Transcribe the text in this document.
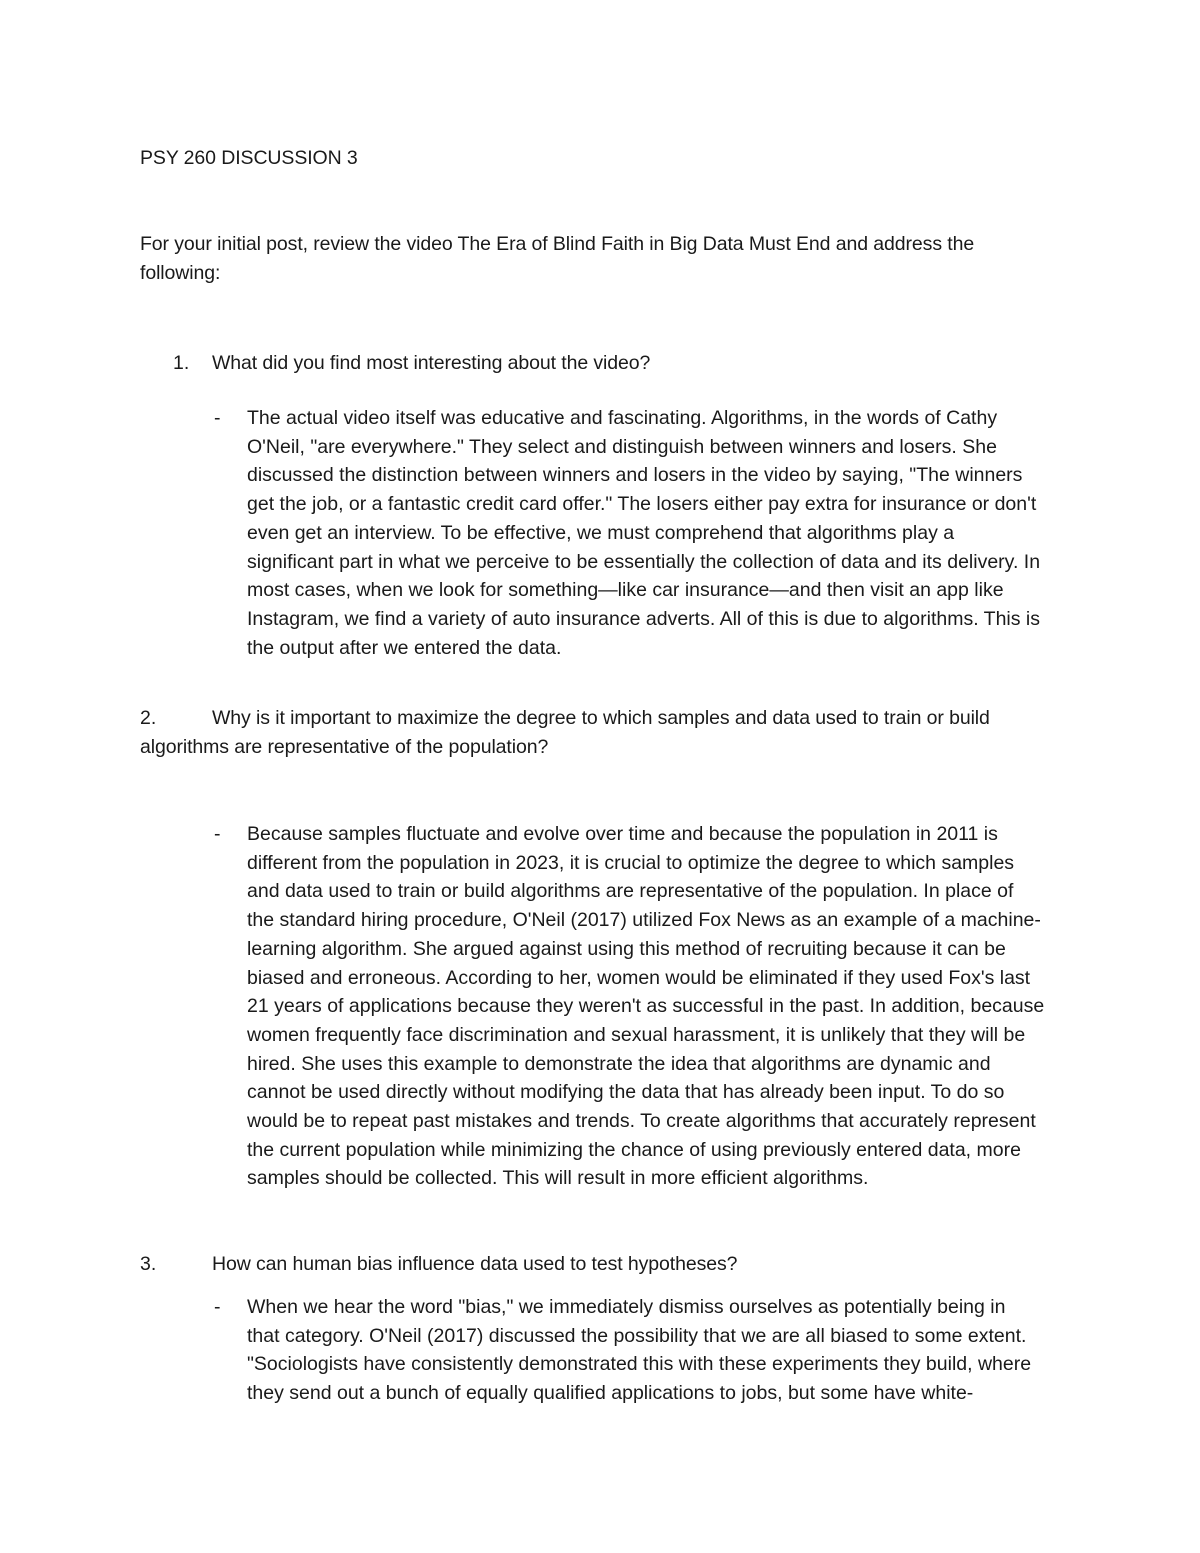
PSY 260 DISCUSSION 3
For your initial post, review the video The Era of Blind Faith in Big Data Must End and address the
following:
1. What did you find most interesting about the video?
- The actual video itself was educative and fascinating. Algorithms, in the words of Cathy
O'Neil, "are everywhere." They select and distinguish between winners and losers. She
discussed the distinction between winners and losers in the video by saying, "The winners
get the job, or a fantastic credit card offer." The losers either pay extra for insurance or don't
even get an interview. To be effective, we must comprehend that algorithms play a
significant part in what we perceive to be essentially the collection of data and its delivery. In
most cases, when we look for something—like car insurance—and then visit an app like
Instagram, we find a variety of auto insurance adverts. All of this is due to algorithms. This is
the output after we entered the data.
2.	Why is it important to maximize the degree to which samples and data used to train or build
algorithms are representative of the population?
- Because samples fluctuate and evolve over time and because the population in 2011 is
different from the population in 2023, it is crucial to optimize the degree to which samples
and data used to train or build algorithms are representative of the population. In place of
the standard hiring procedure, O'Neil (2017) utilized Fox News as an example of a machine-
learning algorithm. She argued against using this method of recruiting because it can be
biased and erroneous. According to her, women would be eliminated if they used Fox's last
21 years of applications because they weren't as successful in the past. In addition, because
women frequently face discrimination and sexual harassment, it is unlikely that they will be
hired. She uses this example to demonstrate the idea that algorithms are dynamic and
cannot be used directly without modifying the data that has already been input. To do so
would be to repeat past mistakes and trends. To create algorithms that accurately represent
the current population while minimizing the chance of using previously entered data, more
samples should be collected. This will result in more efficient algorithms.
3.	How can human bias influence data used to test hypotheses?
- When we hear the word "bias," we immediately dismiss ourselves as potentially being in
that category. O'Neil (2017) discussed the possibility that we are all biased to some extent.
"Sociologists have consistently demonstrated this with these experiments they build, where
they send out a bunch of equally qualified applications to jobs, but some have white-
